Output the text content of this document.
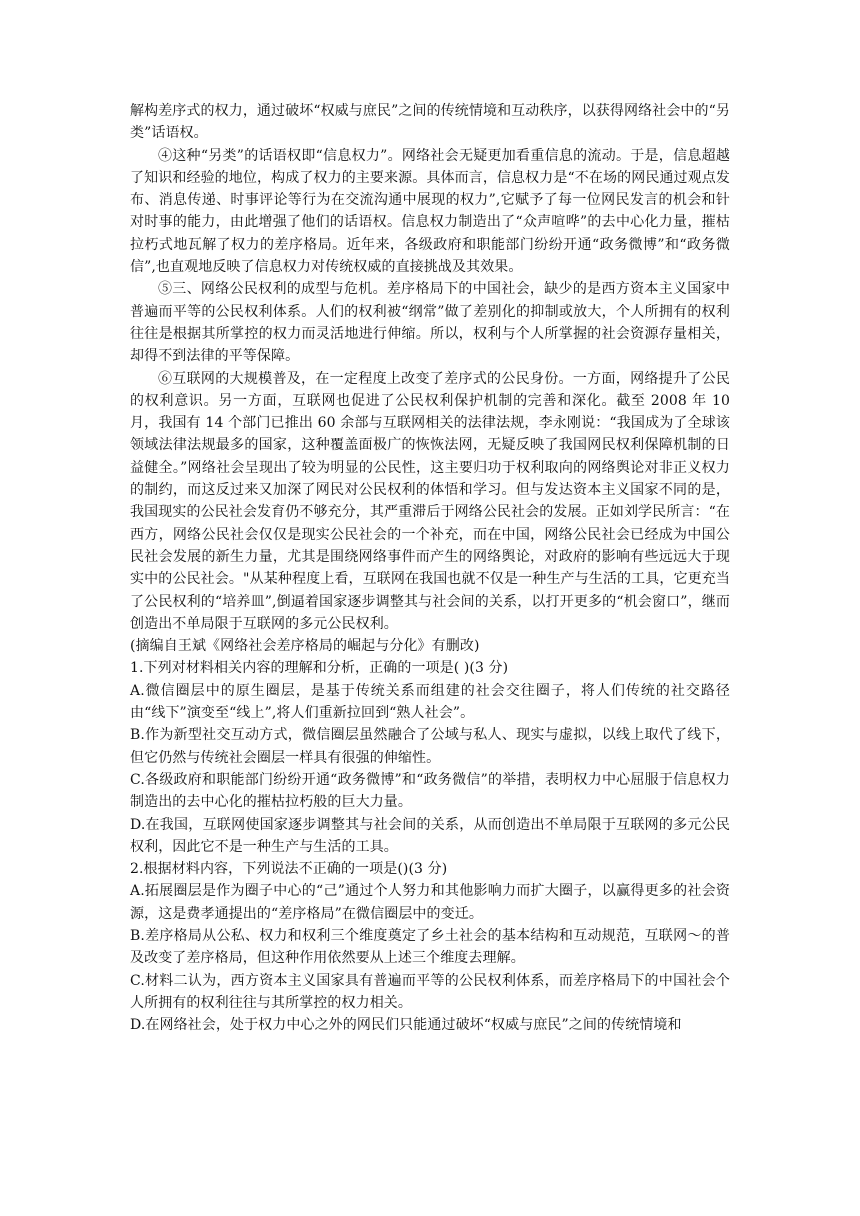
解构差序式的权力，通过破坏“权威与庶民”之间的传统情境和互动秩序，以获得网络社会中的“另类”话语权。

④这种“另类”的话语权即“信息权力”。网络社会无疑更加看重信息的流动。于是，信息超越了知识和经验的地位，构成了权力的主要来源。具体而言，信息权力是“不在场的网民通过观点发布、消息传递、时事评论等行为在交流沟通中展现的权力”,它赋予了每一位网民发言的机会和针对时事的能力，由此增强了他们的话语权。信息权力制造出了“众声喧哗”的去中心化力量，摧枯拉朽式地瓦解了权力的差序格局。近年来，各级政府和职能部门纷纷开通“政务微博”和“政务微信”,也直观地反映了信息权力对传统权威的直接挑战及其效果。

⑤三、网络公民权利的成型与危机。差序格局下的中国社会，缺少的是西方资本主义国家中普遍而平等的公民权利体系。人们的权利被“纲常”做了差别化的抑制或放大，个人所拥有的权利往往是根据其所掌控的权力而灵活地进行伸缩。所以，权利与个人所掌握的社会资源存量相关，却得不到法律的平等保障。

⑥互联网的大规模普及，在一定程度上改变了差序式的公民身份。一方面，网络提升了公民的权利意识。另一方面，互联网也促进了公民权利保护机制的完善和深化。截至 2008 年 10 月，我国有 14 个部门已推出 60 余部与互联网相关的法律法规，李永刚说：“我国成为了全球该领域法律法规最多的国家，这种覆盖面极广的恢恢法网，无疑反映了我国网民权利保障机制的日益健全。”网络社会呈现出了较为明显的公民性，这主要归功于权利取向的网络舆论对非正义权力的制约，而这反过来又加深了网民对公民权利的体悟和学习。但与发达资本主义国家不同的是，我国现实的公民社会发育仍不够充分，其严重滞后于网络公民社会的发展。正如刘学民所言：“在西方，网络公民社会仅仅是现实公民社会的一个补充，而在中国，网络公民社会已经成为中国公民社会发展的新生力量，尤其是围绕网络事件而产生的网络舆论，对政府的影响有些远远大于现实中的公民社会。"从某种程度上看，互联网在我国也就不仅是一种生产与生活的工具，它更充当了公民权利的“培养皿”,倒逼着国家逐步调整其与社会间的关系，以打开更多的“机会窗口”，继而创造出不单局限于互联网的多元公民权利。

(摘编自王斌《网络社会差序格局的崛起与分化》有删改)

1.下列对材料相关内容的理解和分析，正确的一项是( )(3 分)

A.微信圈层中的原生圈层，是基于传统关系而组建的社会交往圈子，将人们传统的社交路径由“线下”演变至“线上”,将人们重新拉回到“熟人社会”。

B.作为新型社交互动方式，微信圈层虽然融合了公域与私人、现实与虚拟，以线上取代了线下，但它仍然与传统社会圈层一样具有很强的伸缩性。

C.各级政府和职能部门纷纷开通“政务微博”和“政务微信”的举措，表明权力中心屈服于信息权力制造出的去中心化的摧枯拉朽般的巨大力量。

D.在我国，互联网使国家逐步调整其与社会间的关系，从而创造出不单局限于互联网的多元公民权利，因此它不是一种生产与生活的工具。

2.根据材料内容，下列说法不正确的一项是()(3 分)

A.拓展圈层是作为圈子中心的“己”通过个人努力和其他影响力而扩大圈子，以赢得更多的社会资源，这是费孝通提出的“差序格局”在微信圈层中的变迁。

B.差序格局从公私、权力和权利三个维度奠定了乡土社会的基本结构和互动规范，互联网～的普及改变了差序格局，但这种作用依然要从上述三个维度去理解。

C.材料二认为，西方资本主义国家具有普遍而平等的公民权利体系，而差序格局下的中国社会个人所拥有的权利往往与其所掌控的权力相关。

D.在网络社会，处于权力中心之外的网民们只能通过破坏“权威与庶民”之间的传统情境和
